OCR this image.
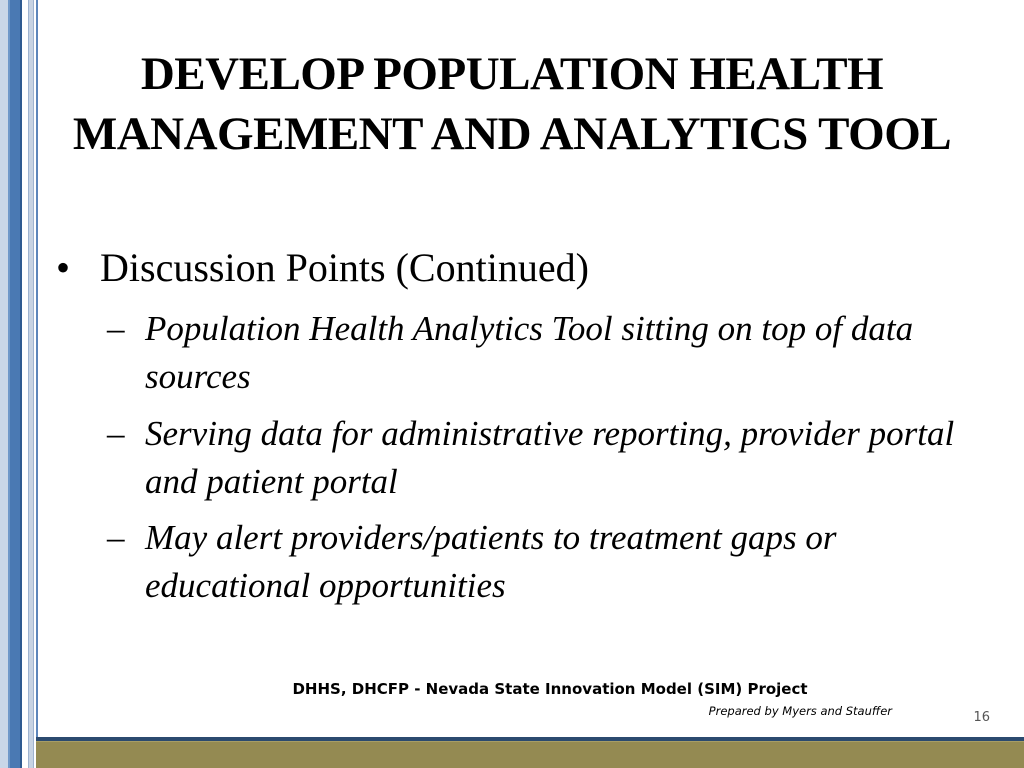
DEVELOP POPULATION HEALTH MANAGEMENT AND ANALYTICS TOOL
• Discussion Points (Continued)
– Population Health Analytics Tool sitting on top of data sources
– Serving data for administrative reporting, provider portal and patient portal
– May alert providers/patients to treatment gaps or educational opportunities
DHHS, DHCFP - Nevada State Innovation Model (SIM) Project
Prepared by Myers and Stauffer	16
